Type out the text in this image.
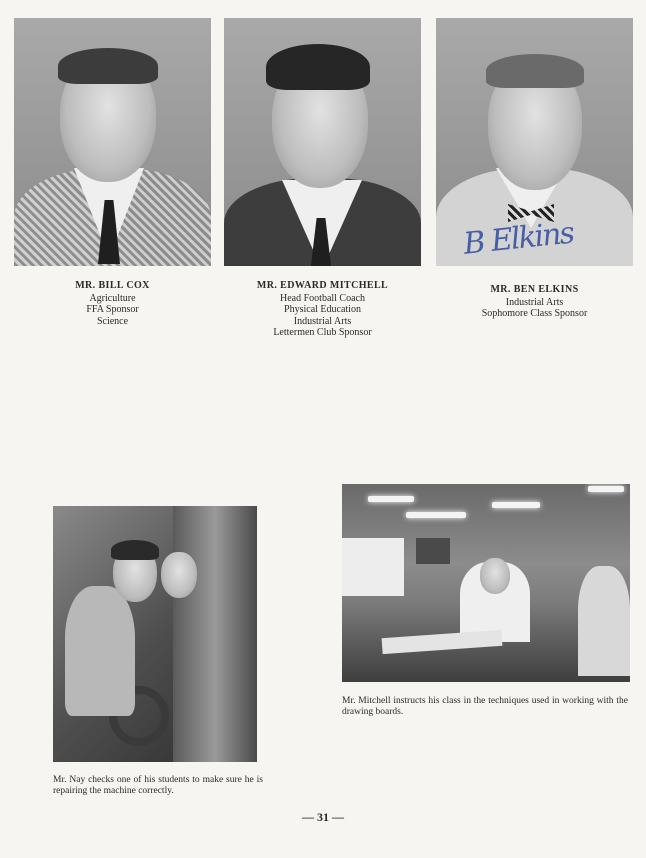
B Elkins
MR. BILL COX
Agriculture
FFA Sponsor
Science
MR. EDWARD MITCHELL
Head Football Coach
Physical Education
Industrial Arts
Lettermen Club Sponsor
MR. BEN ELKINS
Industrial Arts
Sophomore Class Sponsor
Mr. Nay checks one of his students to make sure he is repairing the machine correctly.
Mr. Mitchell instructs his class in the techniques used in working with the drawing boards.
— 31 —
